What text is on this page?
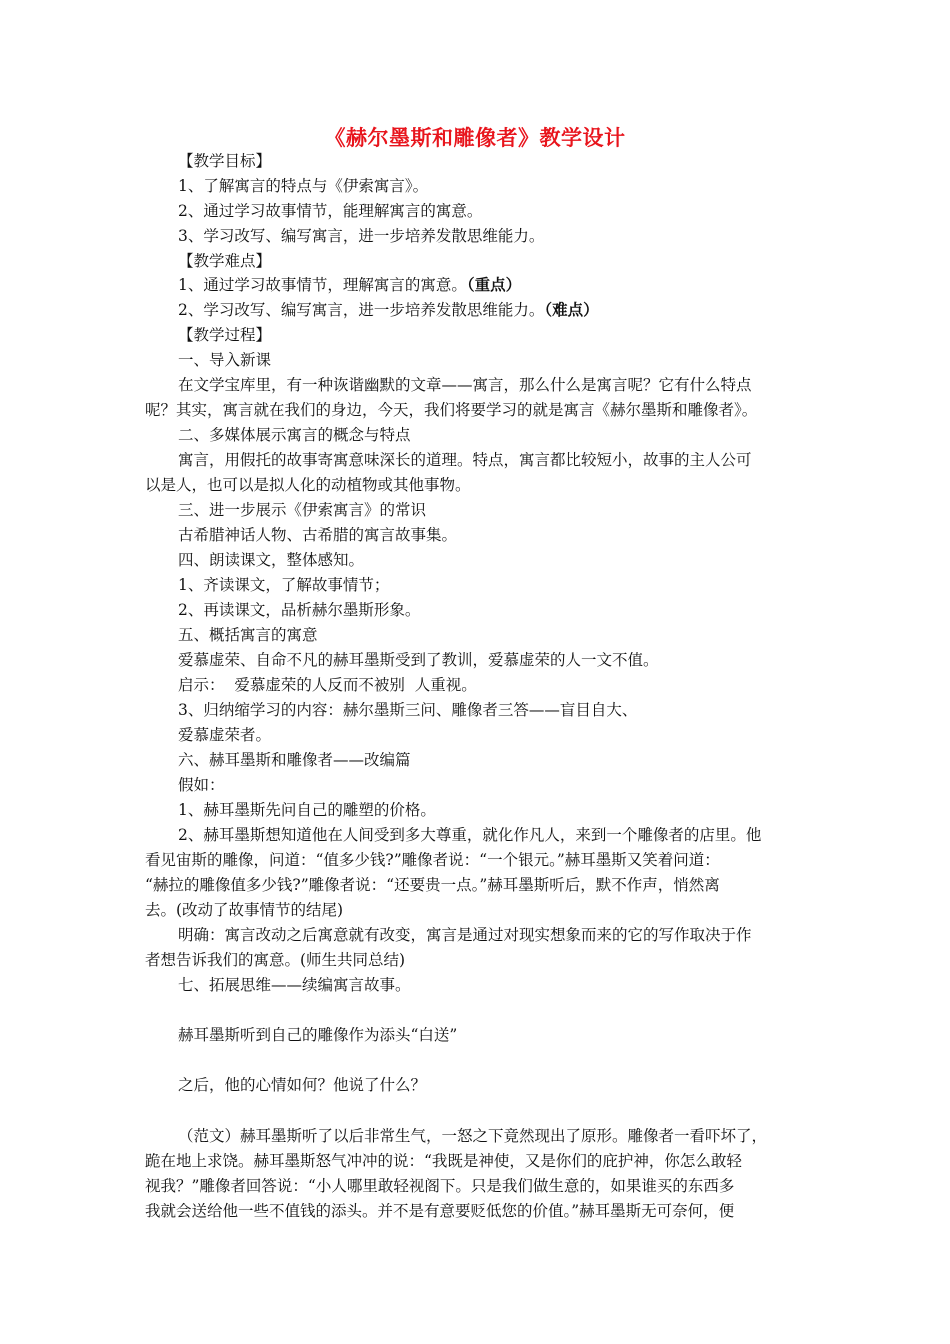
《赫尔墨斯和雕像者》教学设计
【教学目标】
1、了解寓言的特点与《伊索寓言》。
2、通过学习故事情节，能理解寓言的寓意。
3、学习改写、编写寓言，进一步培养发散思维能力。
【教学难点】
1、通过学习故事情节，理解寓言的寓意。（重点）
2、学习改写、编写寓言，进一步培养发散思维能力。（难点）
【教学过程】
一、导入新课
在文学宝库里，有一种诙谐幽默的文章——寓言，那么什么是寓言呢？它有什么特点
呢？其实，寓言就在我们的身边，今天，我们将要学习的就是寓言《赫尔墨斯和雕像者》。
二、多媒体展示寓言的概念与特点
寓言，用假托的故事寄寓意味深长的道理。特点，寓言都比较短小，故事的主人公可
以是人，也可以是拟人化的动植物或其他事物。
三、进一步展示《伊索寓言》的常识
古希腊神话人物、古希腊的寓言故事集。
四、朗读课文，整体感知。
1、齐读课文，了解故事情节；
2、再读课文，品析赫尔墨斯形象。
五、概括寓言的寓意
爱慕虚荣、自命不凡的赫耳墨斯受到了教训，爱慕虚荣的人一文不值。
启示：  爱慕虚荣的人反而不被别  人重视。
3、归纳缩学习的内容：赫尔墨斯三问、雕像者三答——盲目自大、
爱慕虚荣者。
六、赫耳墨斯和雕像者——改编篇
假如：
1、赫耳墨斯先问自己的雕塑的价格。
2、赫耳墨斯想知道他在人间受到多大尊重，就化作凡人，来到一个雕像者的店里。他
看见宙斯的雕像，问道：“值多少钱?”雕像者说：“一个银元。”赫耳墨斯又笑着问道：
“赫拉的雕像值多少钱?”雕像者说：“还要贵一点。”赫耳墨斯听后，默不作声，悄然离
去。(改动了故事情节的结尾)
明确：寓言改动之后寓意就有改变，寓言是通过对现实想象而来的它的写作取决于作
者想告诉我们的寓意。(师生共同总结)
七、拓展思维——续编寓言故事。
赫耳墨斯听到自己的雕像作为添头“白送”
之后，他的心情如何？他说了什么？
（范文）赫耳墨斯听了以后非常生气，一怒之下竟然现出了原形。雕像者一看吓坏了，
跪在地上求饶。赫耳墨斯怒气冲冲的说：“我既是神使，又是你们的庇护神，你怎么敢轻
视我？”雕像者回答说：“小人哪里敢轻视阁下。只是我们做生意的，如果谁买的东西多
我就会送给他一些不值钱的添头。并不是有意要贬低您的价值。”赫耳墨斯无可奈何，便
